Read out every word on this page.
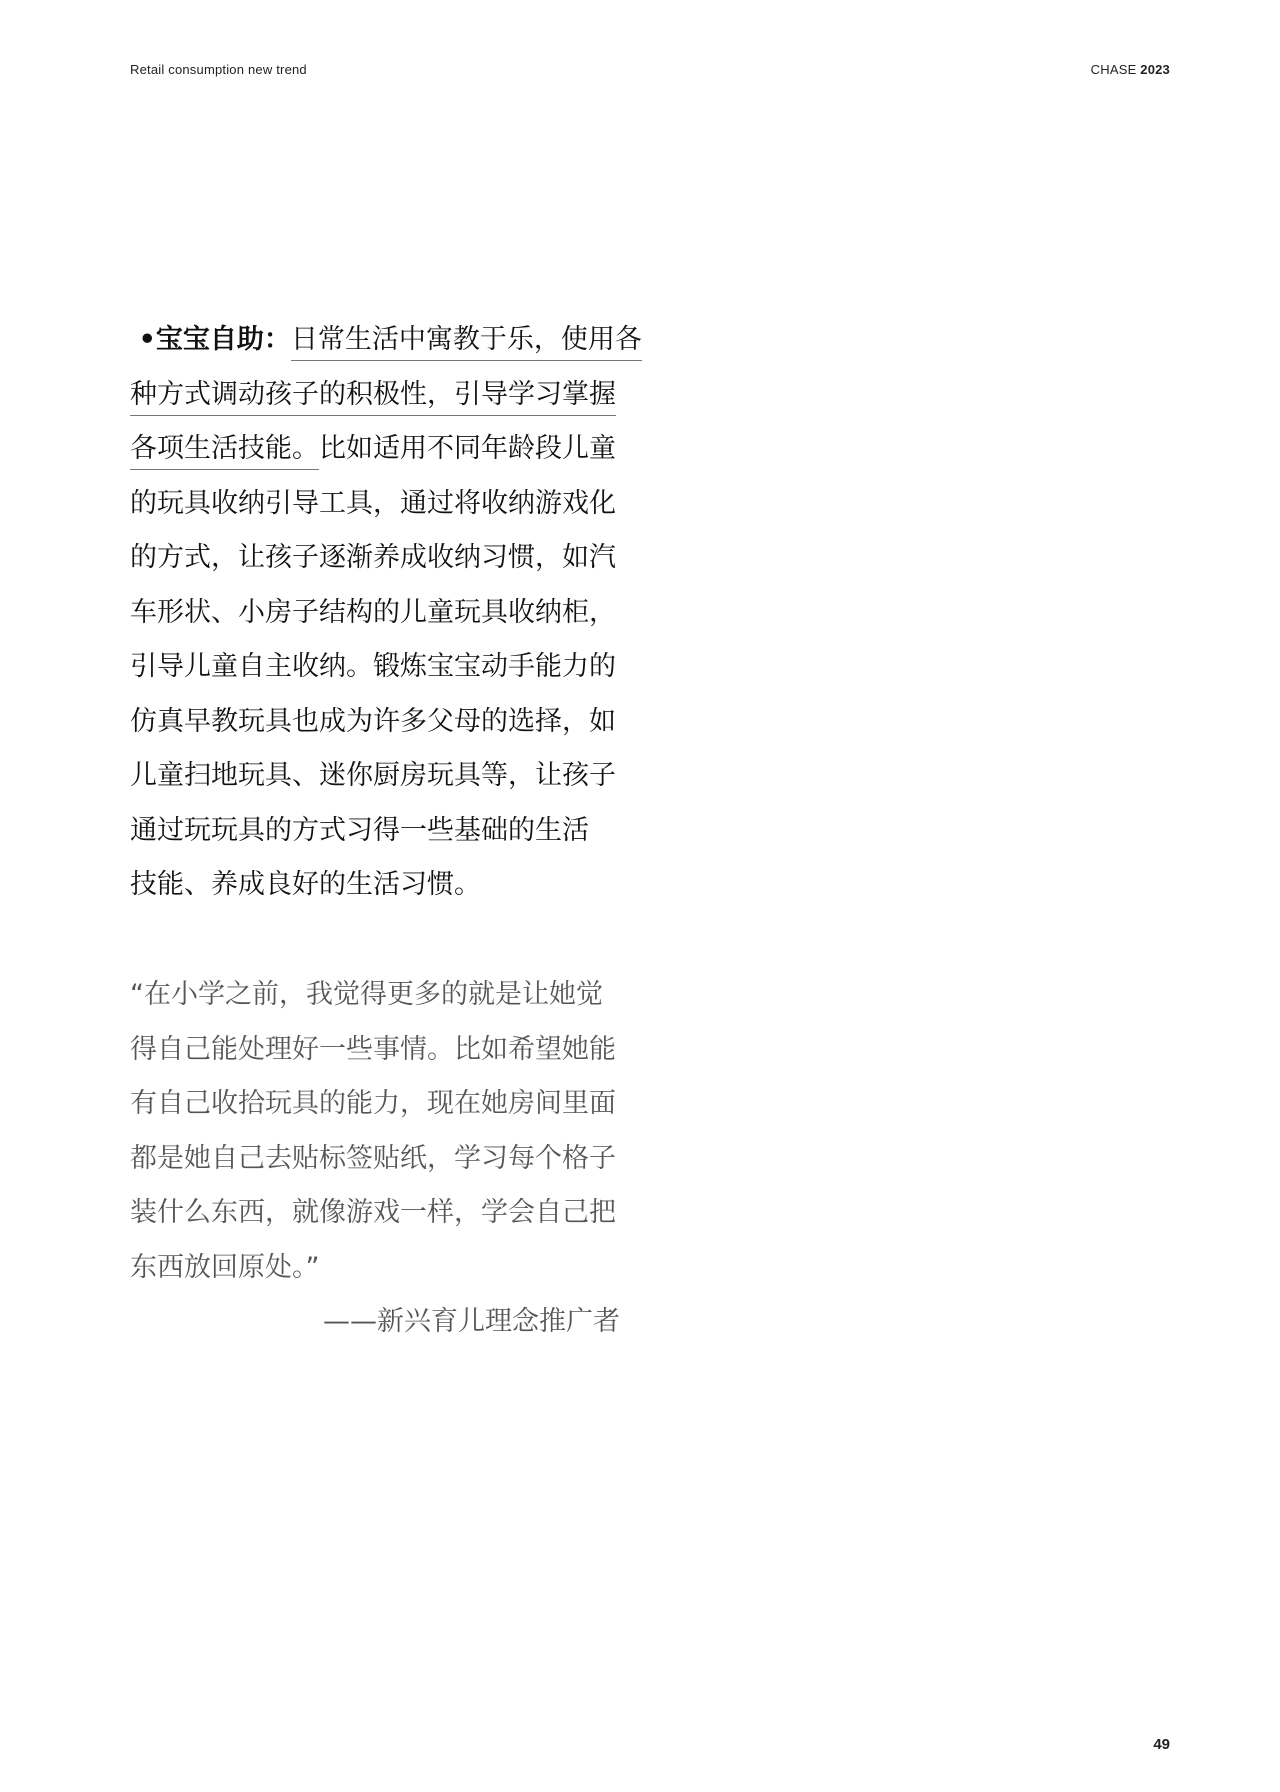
Retail consumption new trend	CHASE 2023
•宝宝自助：日常生活中寓教于乐，使用各
种方式调动孩子的积极性，引导学习掌握
各项生活技能。比如适用不同年龄段儿童
的玩具收纳引导工具，通过将收纳游戏化
的方式，让孩子逐渐养成收纳习惯，如汽
车形状、小房子结构的儿童玩具收纳柜，
引导儿童自主收纳。锻炼宝宝动手能力的
仿真早教玩具也成为许多父母的选择，如
儿童扫地玩具、迷你厨房玩具等，让孩子
通过玩玩具的方式习得一些基础的生活
技能、养成良好的生活习惯。
“在小学之前，我觉得更多的就是让她觉
得自己能处理好一些事情。比如希望她能
有自己收拾玩具的能力，现在她房间里面
都是她自己去贴标签贴纸，学习每个格子
装什么东西，就像游戏一样，学会自己把
东西放回原处。”
——新兴育儿理念推广者
49
